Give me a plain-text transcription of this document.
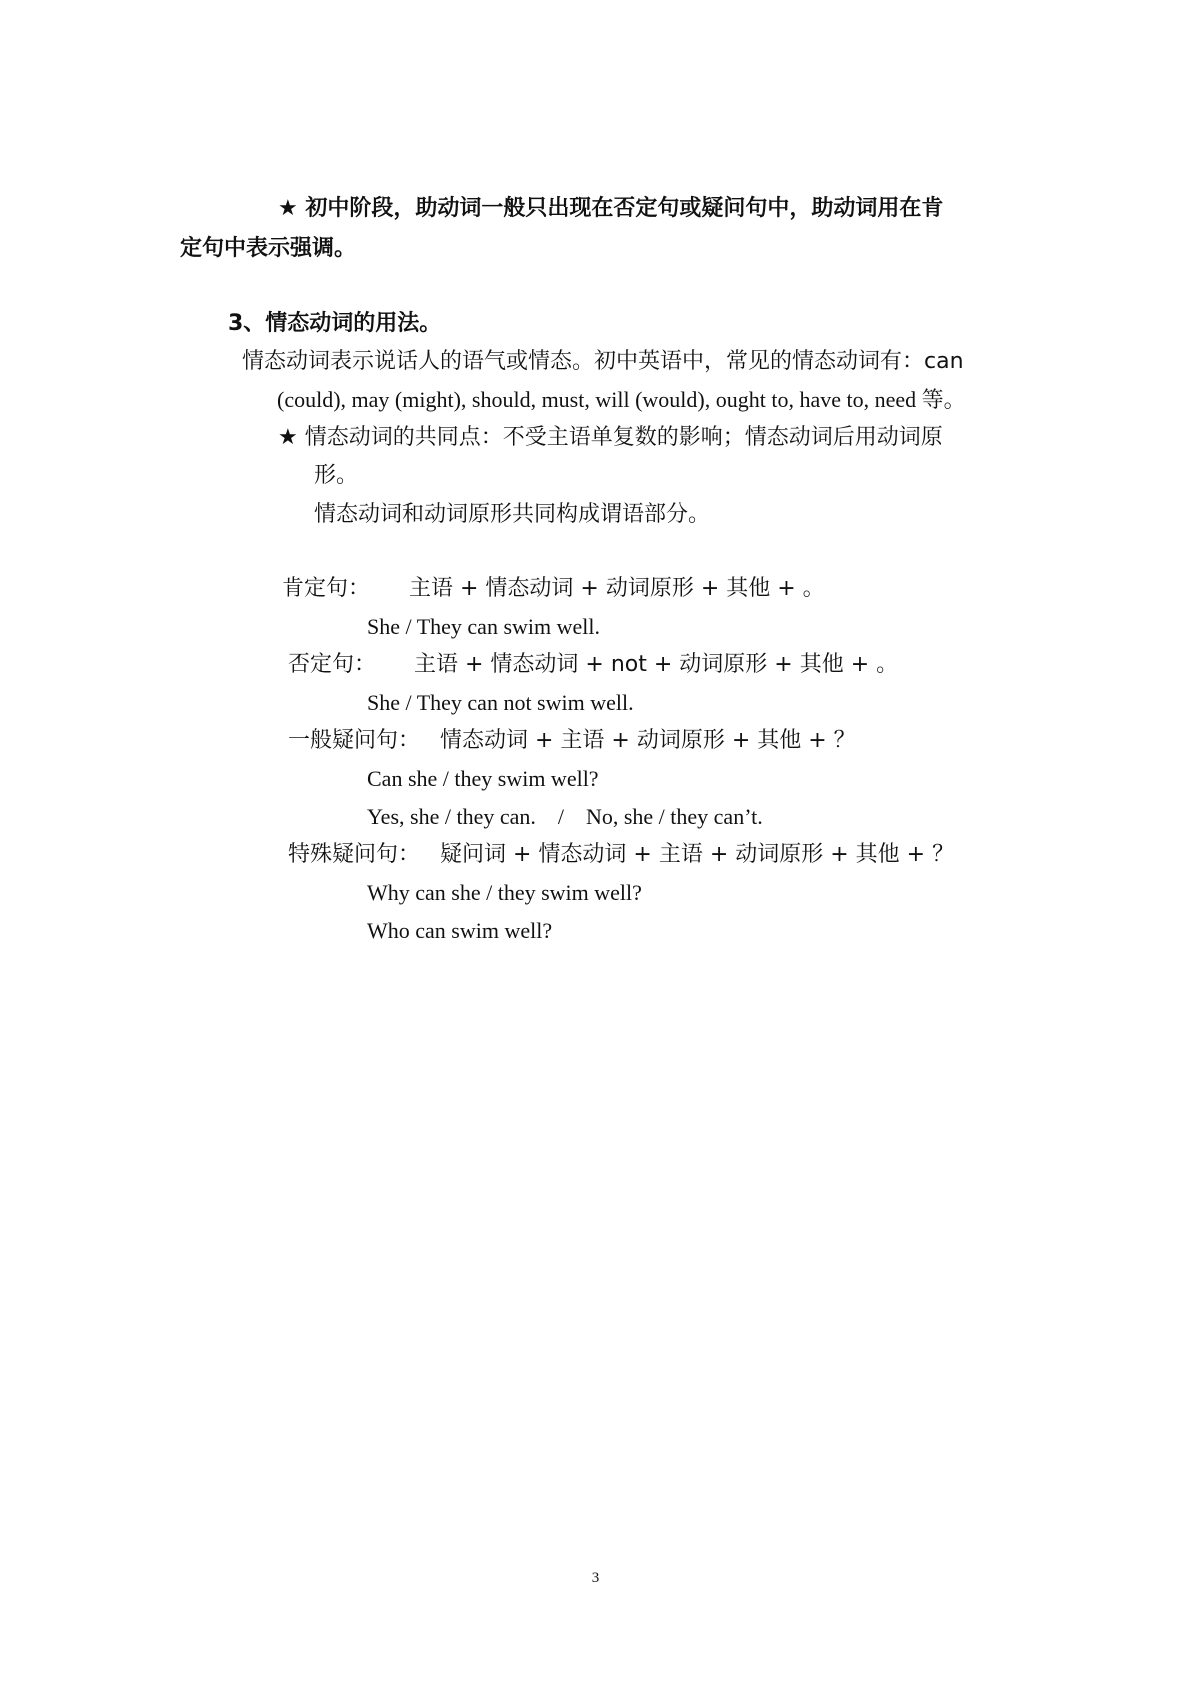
★ 初中阶段，助动词一般只出现在否定句或疑问句中，助动词用在肯
定句中表示强调。
3、情态动词的用法。
情态动词表示说话人的语气或情态。初中英语中，常见的情态动词有：can
(could), may (might), should, must, will (would), ought to, have to, need 等。
★ 情态动词的共同点：不受主语单复数的影响；情态动词后用动词原
形。
情态动词和动词原形共同构成谓语部分。
肯定句： 主语 + 情态动词 + 动词原形 + 其他 + 。
She / They can swim well.
否定句： 主语 + 情态动词 + not + 动词原形 + 其他 + 。
She / They can not swim well.
一般疑问句： 情态动词 + 主语 + 动词原形 + 其他 + ？
Can she / they swim well?
Yes, she / they can.    /    No, she / they can’t.
特殊疑问句： 疑问词 + 情态动词 + 主语 + 动词原形 + 其他 + ？
Why can she / they swim well?
Who can swim well?
3
